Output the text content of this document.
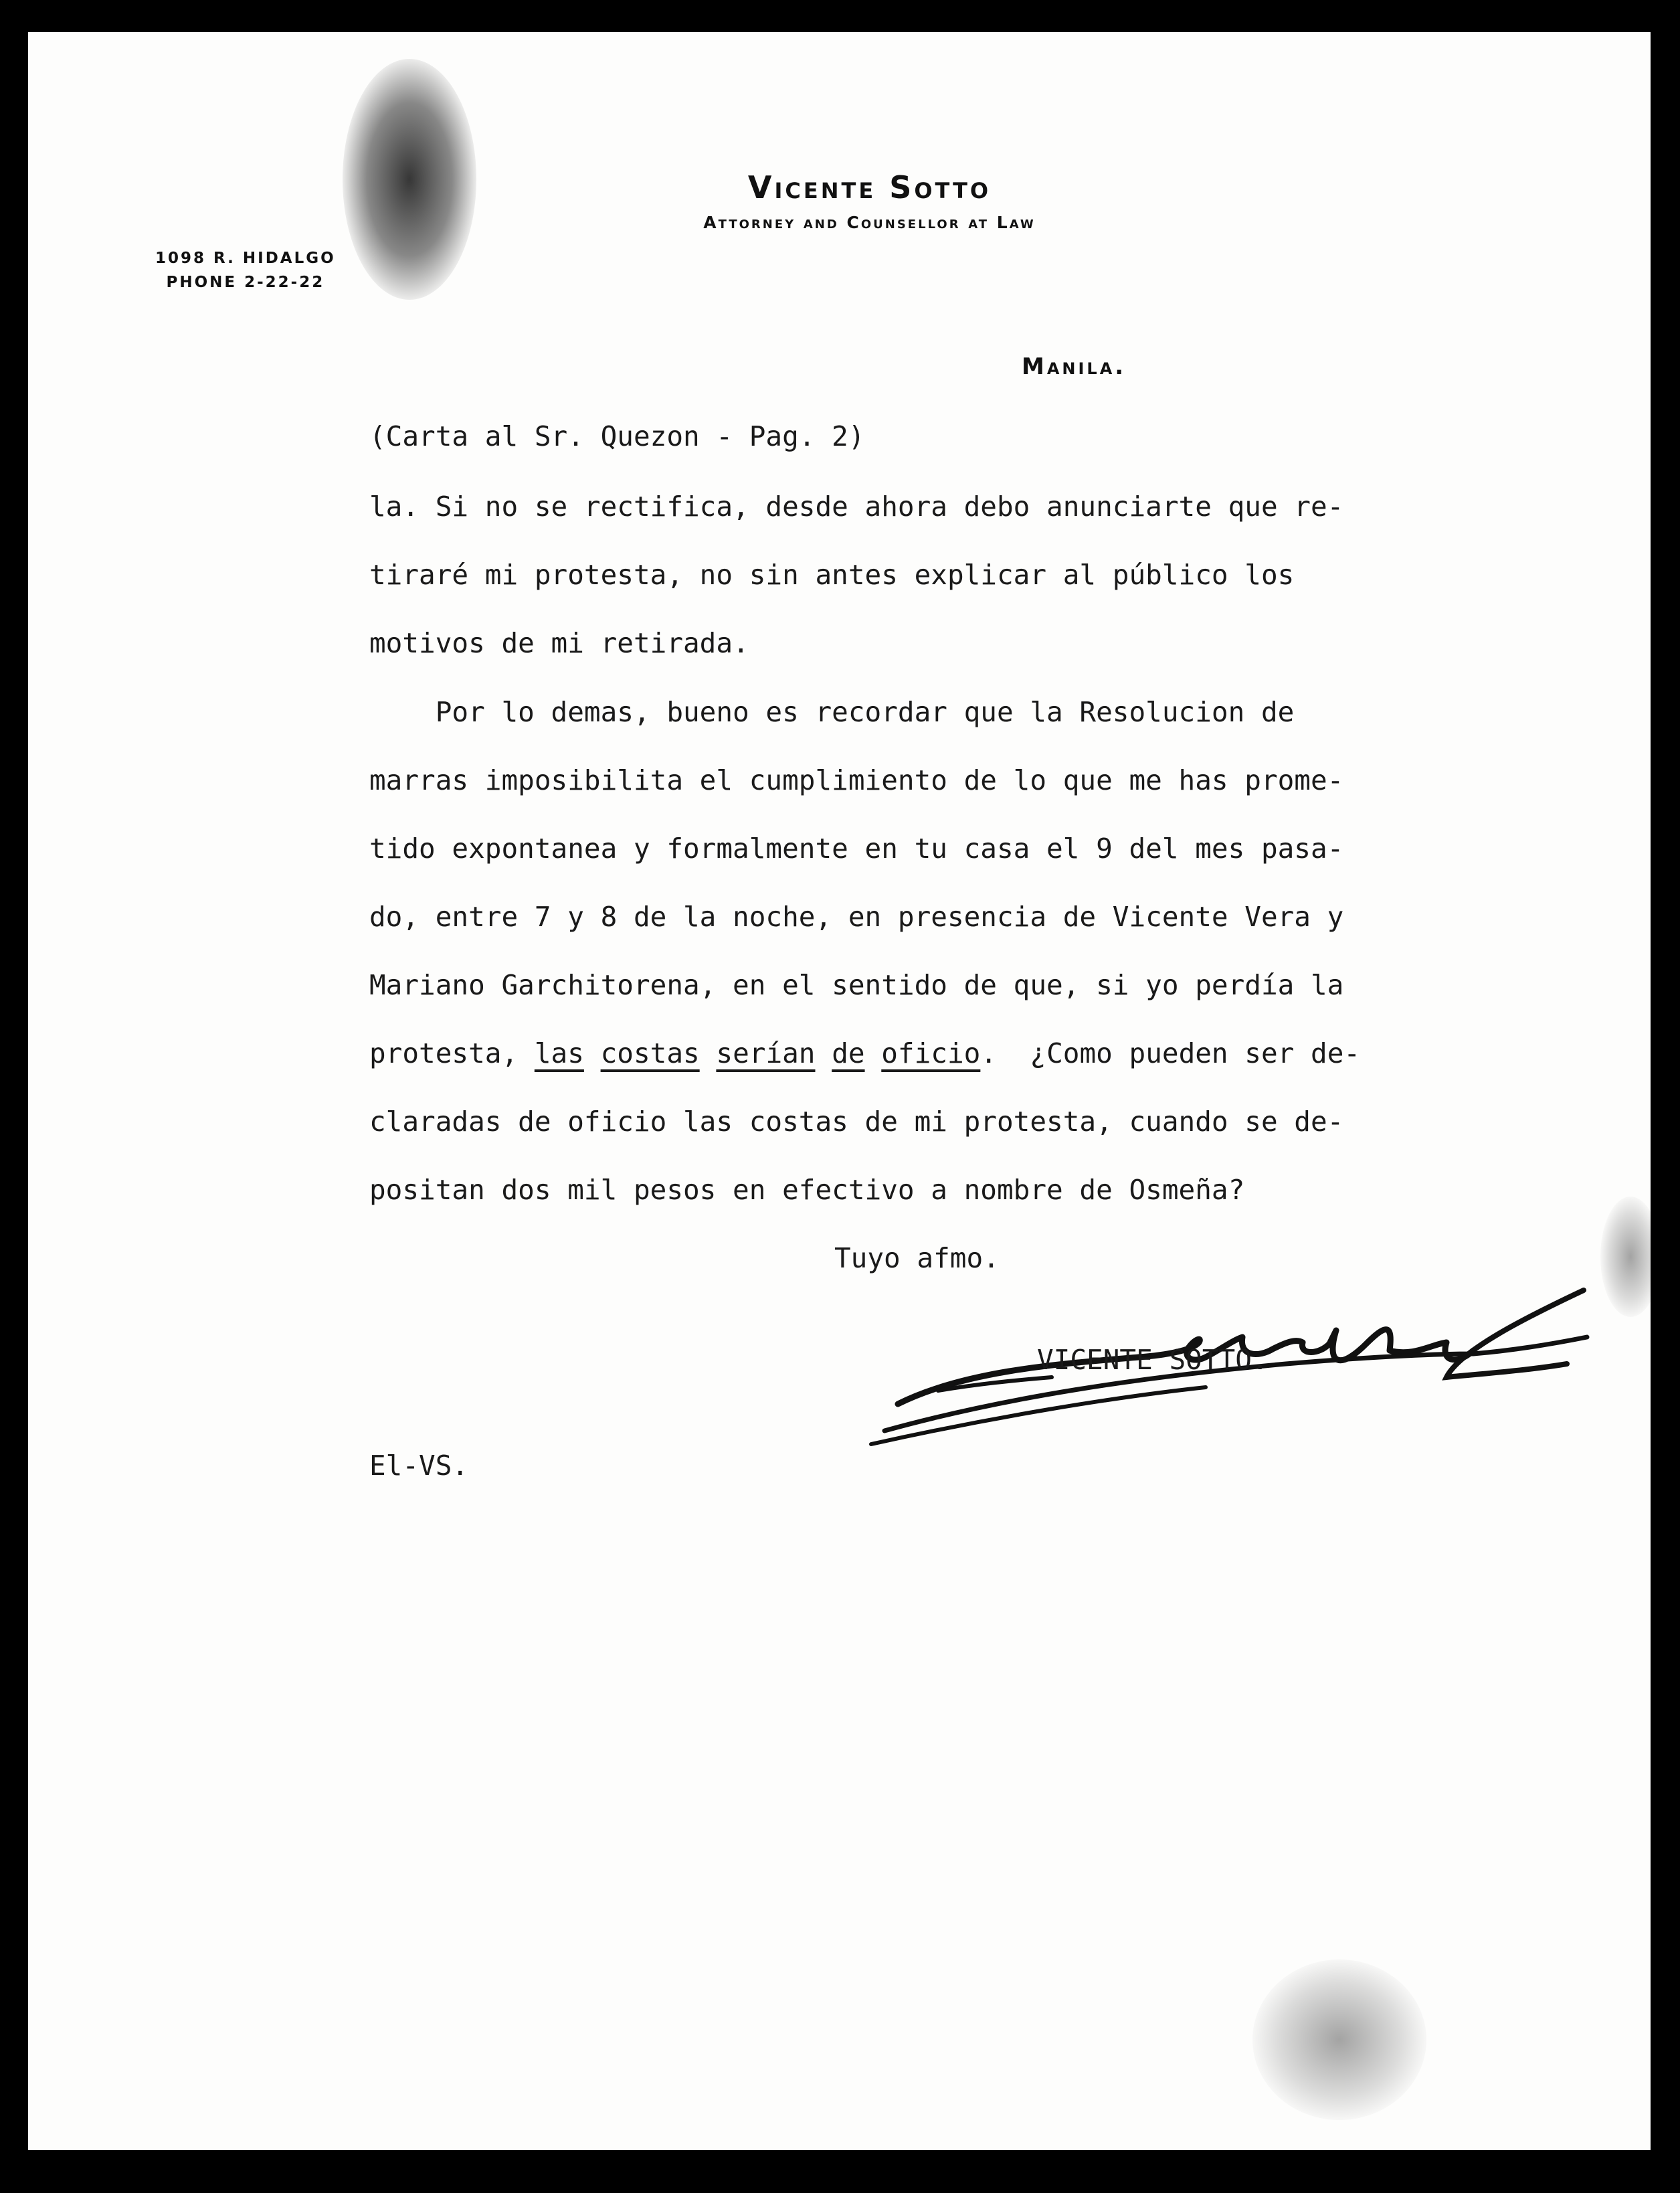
Vicente Sotto
Attorney and Counsellor at Law
1098 R. HIDALGO
PHONE 2-22-22
Manila.
(Carta al Sr. Quezon - Pag. 2)
la. Si no se rectifica, desde ahora debo anunciarte que re-
tiraré mi protesta, no sin antes explicar al público los
motivos de mi retirada.
Por lo demas, bueno es recordar que la Resolucion de
marras imposibilita el cumplimiento de lo que me has prome-
tido expontanea y formalmente en tu casa el 9 del mes pasa-
do, entre 7 y 8 de la noche, en presencia de Vicente Vera y
Mariano Garchitorena, en el sentido de que, si yo perdía la
protesta, las costas serían de oficio.  ¿Como pueden ser de-
claradas de oficio las costas de mi protesta, cuando se de-
positan dos mil pesos en efectivo a nombre de Osmeña?
Tuyo afmo.
VICENTE SOTTO.
El-VS.
